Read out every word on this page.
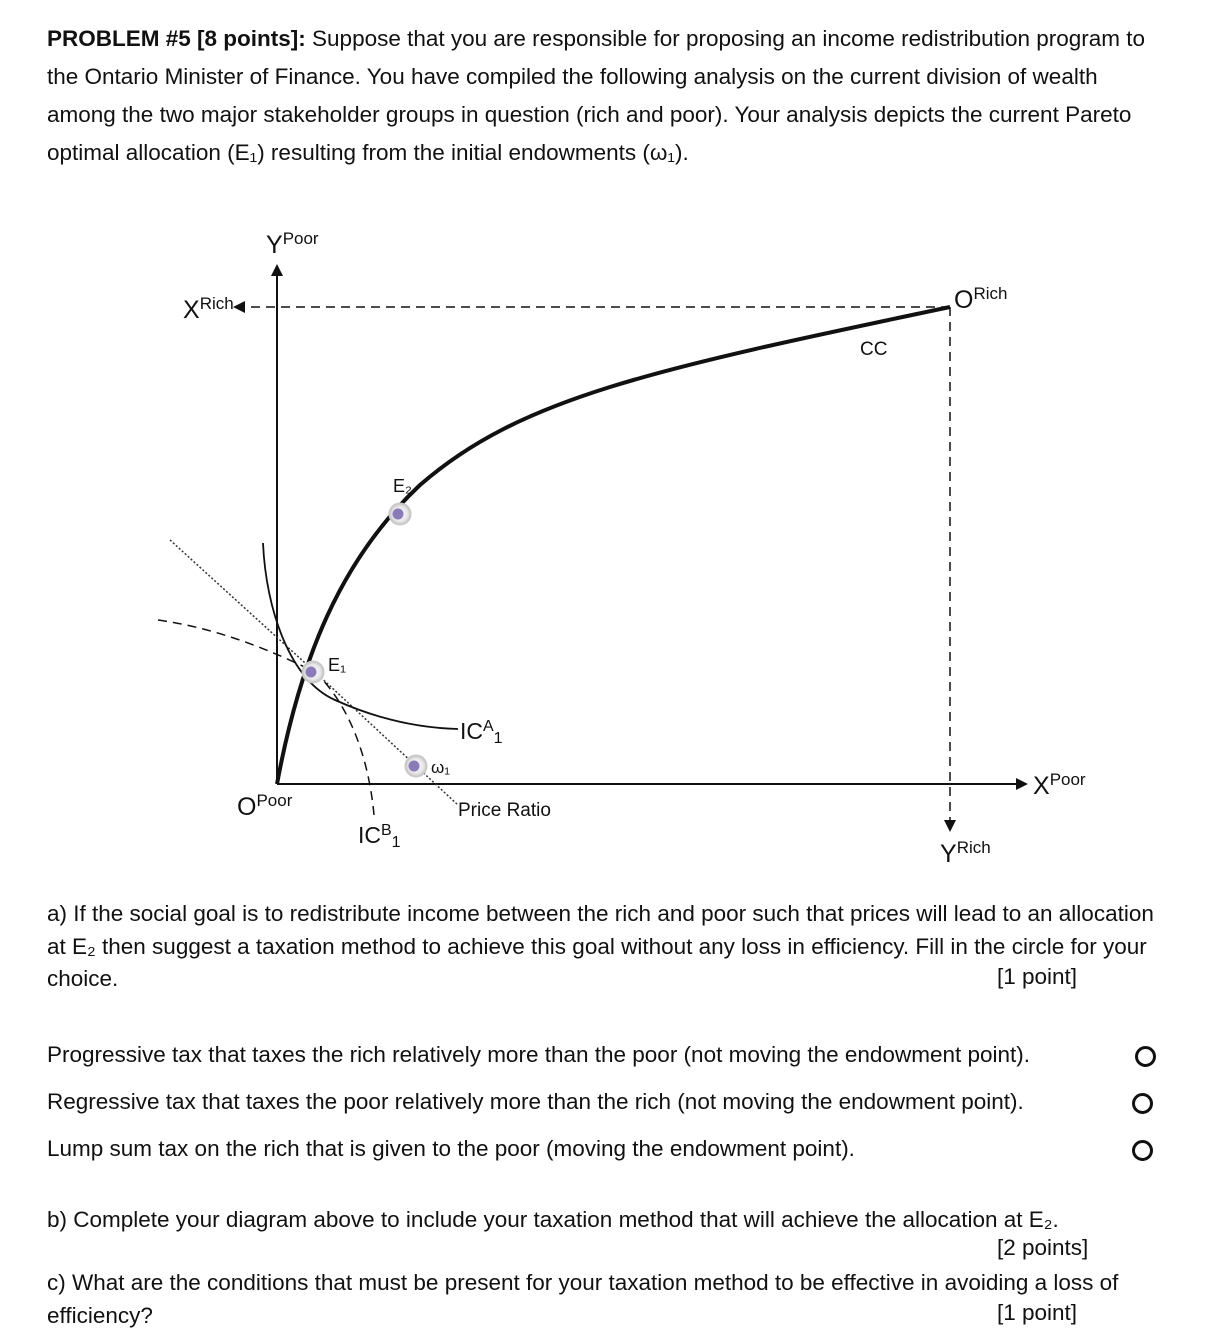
PROBLEM #5 [8 points]: Suppose that you are responsible for proposing an income redistribution program to the Ontario Minister of Finance. You have compiled the following analysis on the current division of wealth among the two major stakeholder groups in question (rich and poor). Your analysis depicts the current Pareto optimal allocation (E₁) resulting from the initial endowments (ω₁).

$Y^{Poor}$
$X^{Rich}$	$O^{Rich}$
CC
E₂
E₁
$IC^A_1$
ω₁
$O^{Poor}$	Price Ratio
$IC^B_1$
$X^{Poor}$
$Y^{Rich}$

a) If the social goal is to redistribute income between the rich and poor such that prices will lead to an allocation at E₂ then suggest a taxation method to achieve this goal without any loss in efficiency. Fill in the circle for your choice.	[1 point]
Progressive tax that taxes the rich relatively more than the poor (not moving the endowment point).
Regressive tax that taxes the poor relatively more than the rich (not moving the endowment point).
Lump sum tax on the rich that is given to the poor (moving the endowment point).

b) Complete your diagram above to include your taxation method that will achieve the allocation at E₂.

[2 points]

c) What are the conditions that must be present for your taxation method to be effective in avoiding a loss of efficiency?	[1 point]
